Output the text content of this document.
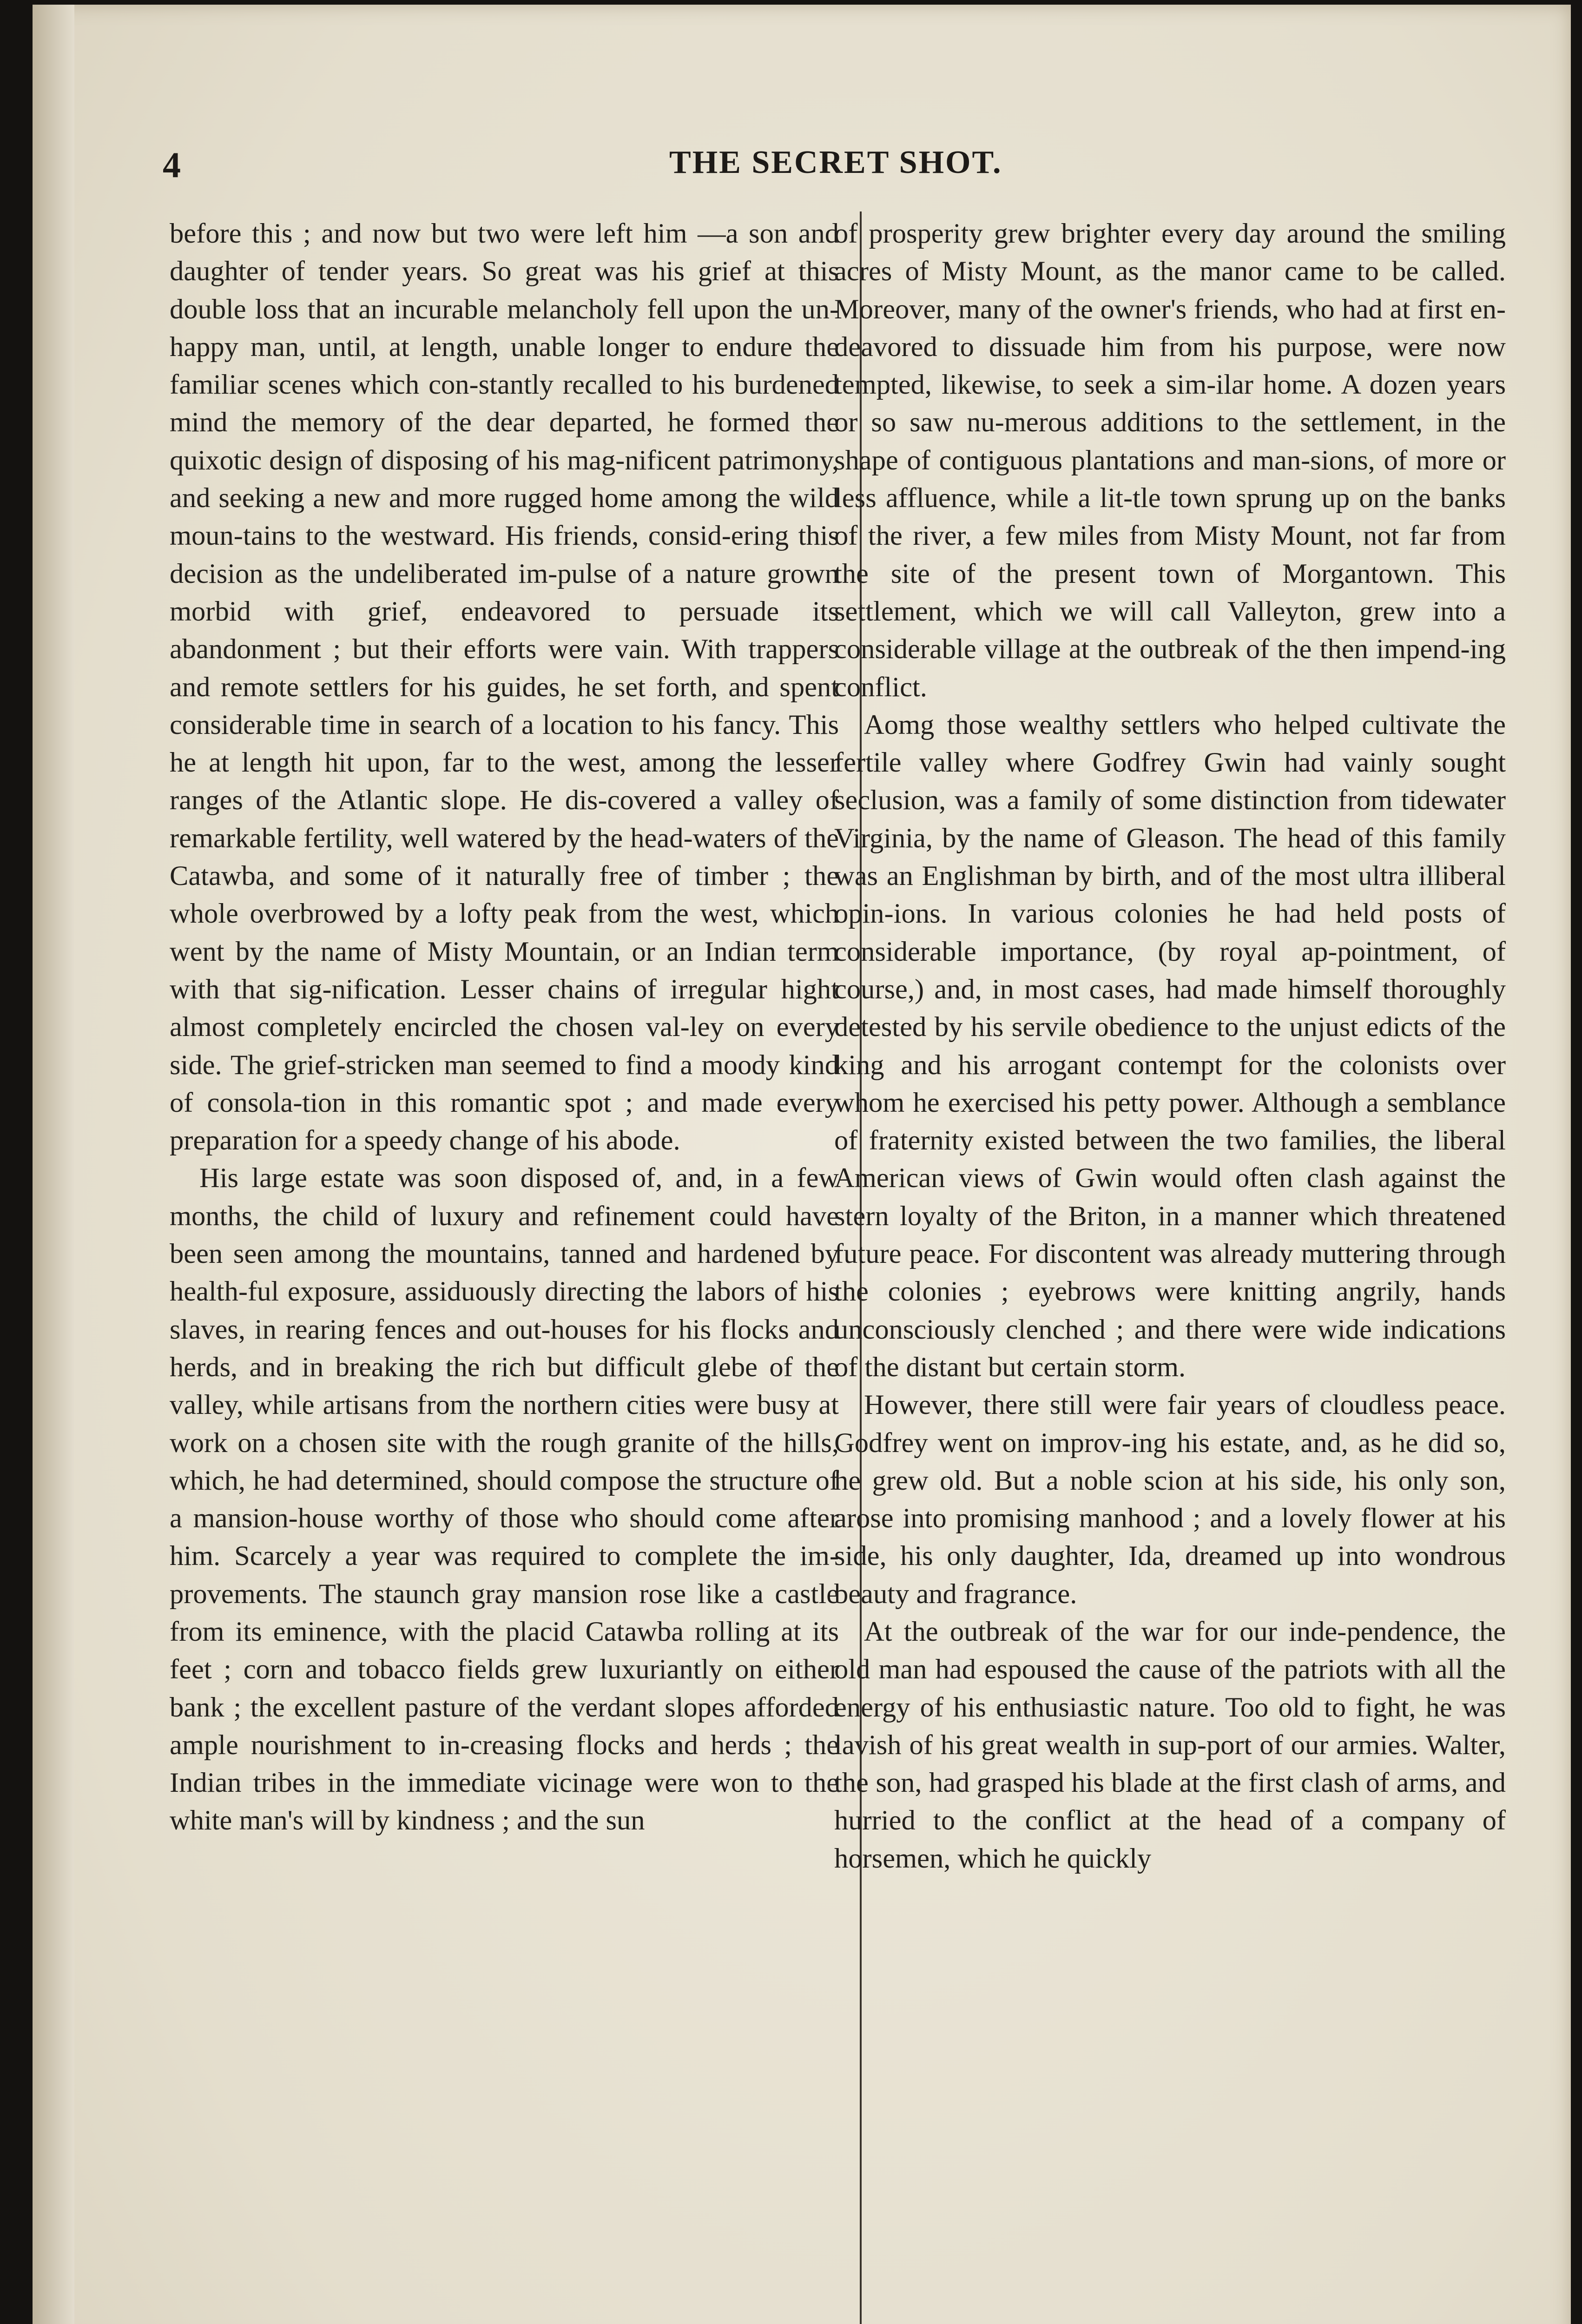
4	THE SECRET SHOT.

before this ; and now but two were left him —a son and daughter of tender years. So great was his grief at this double loss that an incurable melancholy fell upon the un-happy man, until, at length, unable longer to endure the familiar scenes which con-stantly recalled to his burdened mind the memory of the dear departed, he formed the quixotic design of disposing of his mag-nificent patrimony, and seeking a new and more rugged home among the wild moun-tains to the westward. His friends, consid-ering this decision as the undeliberated im-pulse of a nature grown morbid with grief, endeavored to persuade its abandonment ; but their efforts were vain. With trappers and remote settlers for his guides, he set forth, and spent considerable time in search of a location to his fancy. This he at length hit upon, far to the west, among the lesser ranges of the Atlantic slope. He dis-covered a valley of remarkable fertility, well watered by the head-waters of the Catawba, and some of it naturally free of timber ; the whole overbrowed by a lofty peak from the west, which went by the name of Misty Mountain, or an Indian term with that sig-nification. Lesser chains of irregular hight almost completely encircled the chosen val-ley on every side. The grief-stricken man seemed to find a moody kind of consola-tion in this romantic spot ; and made every preparation for a speedy change of his abode.

His large estate was soon disposed of, and, in a few months, the child of luxury and refinement could have been seen among the mountains, tanned and hardened by health-ful exposure, assiduously directing the labors of his slaves, in rearing fences and out-houses for his flocks and herds, and in breaking the rich but difficult glebe of the valley, while artisans from the northern cities were busy at work on a chosen site with the rough granite of the hills, which, he had determined, should compose the structure of a mansion-house worthy of those who should come after him. Scarcely a year was required to complete the im-provements. The staunch gray mansion rose like a castle from its eminence, with the placid Catawba rolling at its feet ; corn and tobacco fields grew luxuriantly on either bank ; the excellent pasture of the verdant slopes afforded ample nourishment to in-creasing flocks and herds ; the Indian tribes in the immediate vicinage were won to the white man's will by kindness ; and the sun

of prosperity grew brighter every day around the smiling acres of Misty Mount, as the manor came to be called. Moreover, many of the owner's friends, who had at first en-deavored to dissuade him from his purpose, were now tempted, likewise, to seek a sim-ilar home. A dozen years or so saw nu-merous additions to the settlement, in the shape of contiguous plantations and man-sions, of more or less affluence, while a lit-tle town sprung up on the banks of the river, a few miles from Misty Mount, not far from the site of the present town of Morgantown. This settlement, which we will call Valleyton, grew into a considerable village at the outbreak of the then impend-ing conflict.

Aomg those wealthy settlers who helped cultivate the fertile valley where Godfrey Gwin had vainly sought seclusion, was a family of some distinction from tidewater Virginia, by the name of Gleason. The head of this family was an Englishman by birth, and of the most ultra illiberal opin-ions. In various colonies he had held posts of considerable importance, (by royal ap-pointment, of course,) and, in most cases, had made himself thoroughly detested by his servile obedience to the unjust edicts of the king and his arrogant contempt for the colonists over whom he exercised his petty power. Although a semblance of fraternity existed between the two families, the liberal American views of Gwin would often clash against the stern loyalty of the Briton, in a manner which threatened future peace. For discontent was already muttering through the colonies ; eyebrows were knitting angrily, hands unconsciously clenched ; and there were wide indications of the distant but certain storm.

However, there still were fair years of cloudless peace. Godfrey went on improv-ing his estate, and, as he did so, he grew old. But a noble scion at his side, his only son, arose into promising manhood ; and a lovely flower at his side, his only daughter, Ida, dreamed up into wondrous beauty and fragrance.

At the outbreak of the war for our inde-pendence, the old man had espoused the cause of the patriots with all the energy of his enthusiastic nature. Too old to fight, he was lavish of his great wealth in sup-port of our armies. Walter, the son, had grasped his blade at the first clash of arms, and hurried to the conflict at the head of a company of horsemen, which he quickly
